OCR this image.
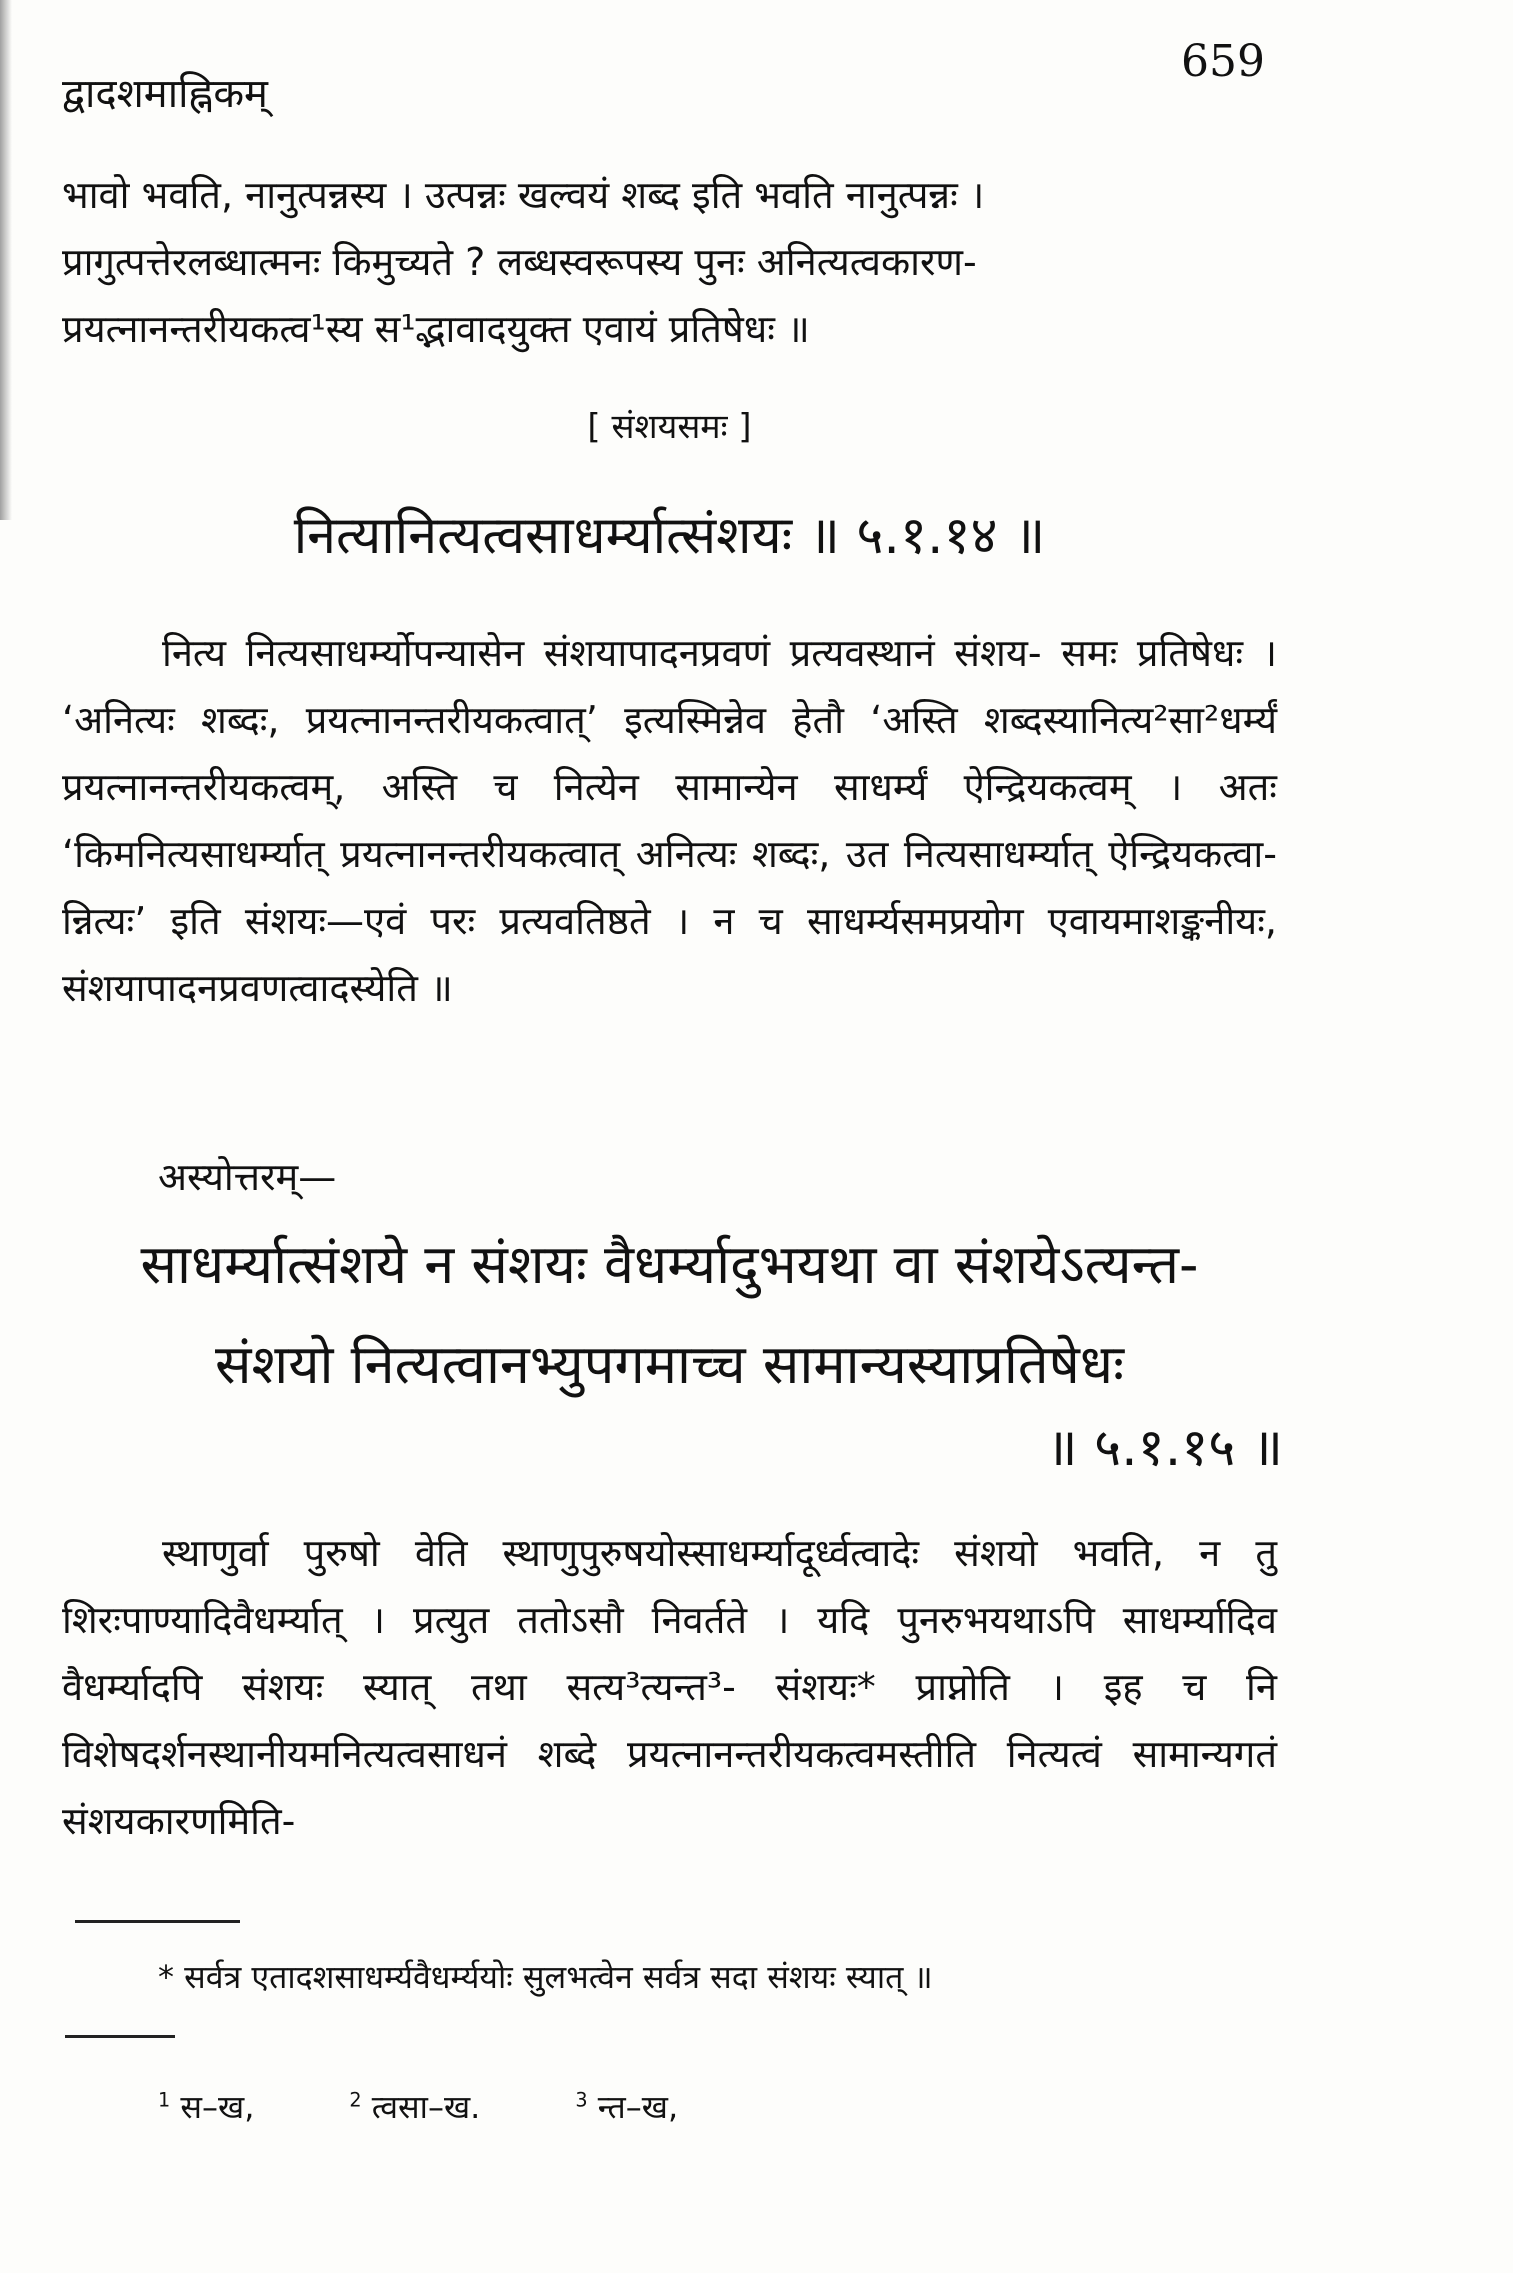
द्वादशमाह्निकम्
659
भावो भवति, नानुत्पन्नस्य । उत्पन्नः खल्वयं शब्द इति भवति नानुत्पन्नः ।
प्रागुत्पत्तेरलब्धात्मनः किमुच्यते ? लब्धस्वरूपस्य पुनः अनित्यत्वकारण-
प्रयत्नानन्तरीयकत्व¹स्य स¹द्भावादयुक्त एवायं प्रतिषेधः ॥
[ संशयसमः ]
नित्यानित्यत्वसाधर्म्यात्संशयः ॥ ५.१.१४ ॥
नित्य नित्यसाधर्म्योपन्यासेन संशयापादनप्रवणं प्रत्यवस्थानं संशय- समः प्रतिषेधः । ‘अनित्यः शब्दः, प्रयत्नानन्तरीयकत्वात्’ इत्यस्मिन्नेव हेतौ ‘अस्ति शब्दस्यानित्य²सा²धर्म्यं प्रयत्नानन्तरीयकत्वम्, अस्ति च नित्येन सामान्येन साधर्म्यं ऐन्द्रियकत्वम् । अतः ‘किमनित्यसाधर्म्यात् प्रयत्नानन्तरीयकत्वात् अनित्यः शब्दः, उत नित्यसाधर्म्यात् ऐन्द्रियकत्वा- न्नित्यः’ इति संशयः—एवं परः प्रत्यवतिष्ठते । न च साधर्म्यसमप्रयोग एवायमाशङ्कनीयः, संशयापादनप्रवणत्वादस्येति ॥
अस्योत्तरम्—
साधर्म्यात्संशये न संशयः वैधर्म्यादुभयथा वा संशयेऽत्यन्त-
संशयो नित्यत्वानभ्युपगमाच्च सामान्यस्याप्रतिषेधः
॥ ५.१.१५ ॥
स्थाणुर्वा पुरुषो वेति स्थाणुपुरुषयोस्साधर्म्यादूर्ध्वत्वादेः संशयो भवति, न तु शिरःपाण्यादिवैधर्म्यात् । प्रत्युत ततोऽसौ निवर्तते । यदि पुनरुभयथाऽपि साधर्म्यादिव वैधर्म्यादपि संशयः स्यात् तथा सत्य³त्यन्त³- संशयः* प्राप्नोति । इह च नि विशेषदर्शनस्थानीयमनित्यत्वसाधनं शब्दे प्रयत्नानन्तरीयकत्वमस्तीति नित्यत्वं सामान्यगतं संशयकारणमिति-
* सर्वत्र एतादशसाधर्म्यवैधर्म्ययोः सुलभत्वेन सर्वत्र सदा संशयः स्यात् ॥
$^1$ स–ख,	$^2$ त्वसा–ख.	$^3$ न्त–ख,
